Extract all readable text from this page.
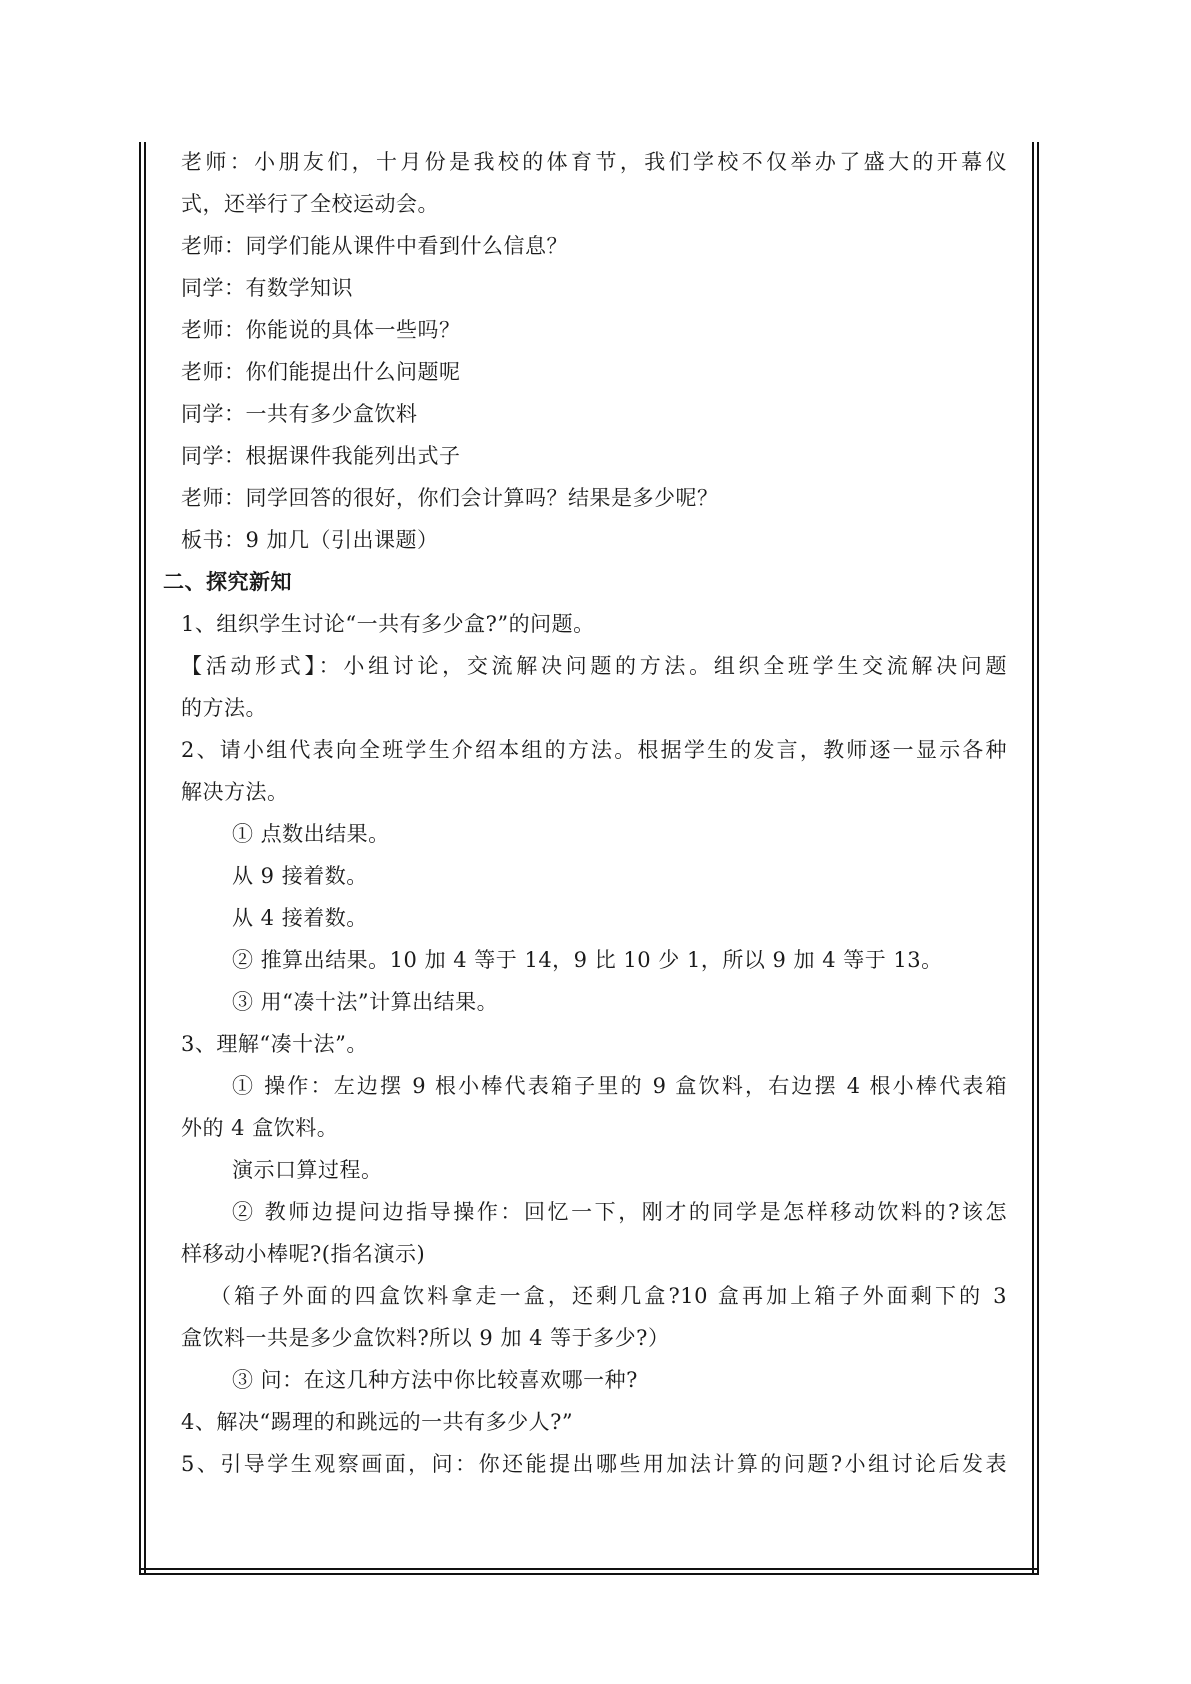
老师：小朋友们，十月份是我校的体育节，我们学校不仅举办了盛大的开幕仪
式，还举行了全校运动会。
老师：同学们能从课件中看到什么信息？
同学：有数学知识
老师：你能说的具体一些吗？
老师：你们能提出什么问题呢
同学：一共有多少盒饮料
同学：根据课件我能列出式子
老师：同学回答的很好，你们会计算吗？结果是多少呢？
板书：9 加几（引出课题）
二、探究新知
1、组织学生讨论“一共有多少盒?”的问题。
【活动形式】：小组讨论，交流解决问题的方法。组织全班学生交流解决问题
的方法。
2、请小组代表向全班学生介绍本组的方法。根据学生的发言，教师逐一显示各种
解决方法。
① 点数出结果。
从 9 接着数。
从 4 接着数。
② 推算出结果。10 加 4 等于 14，9 比 10 少 1，所以 9 加 4 等于 13。
③ 用“凑十法”计算出结果。
3、理解“凑十法”。
① 操作：左边摆 9 根小棒代表箱子里的 9 盒饮料，右边摆 4 根小棒代表箱
外的 4 盒饮料。
演示口算过程。
② 教师边提问边指导操作：回忆一下，刚才的同学是怎样移动饮料的?该怎
样移动小棒呢?(指名演示)
（箱子外面的四盒饮料拿走一盒，还剩几盒?10 盒再加上箱子外面剩下的 3
盒饮料一共是多少盒饮料?所以 9 加 4 等于多少?）
③ 问：在这几种方法中你比较喜欢哪一种?
4、解决“踢理的和跳远的一共有多少人?”
5、引导学生观察画面，问：你还能提出哪些用加法计算的问题?小组讨论后发表
